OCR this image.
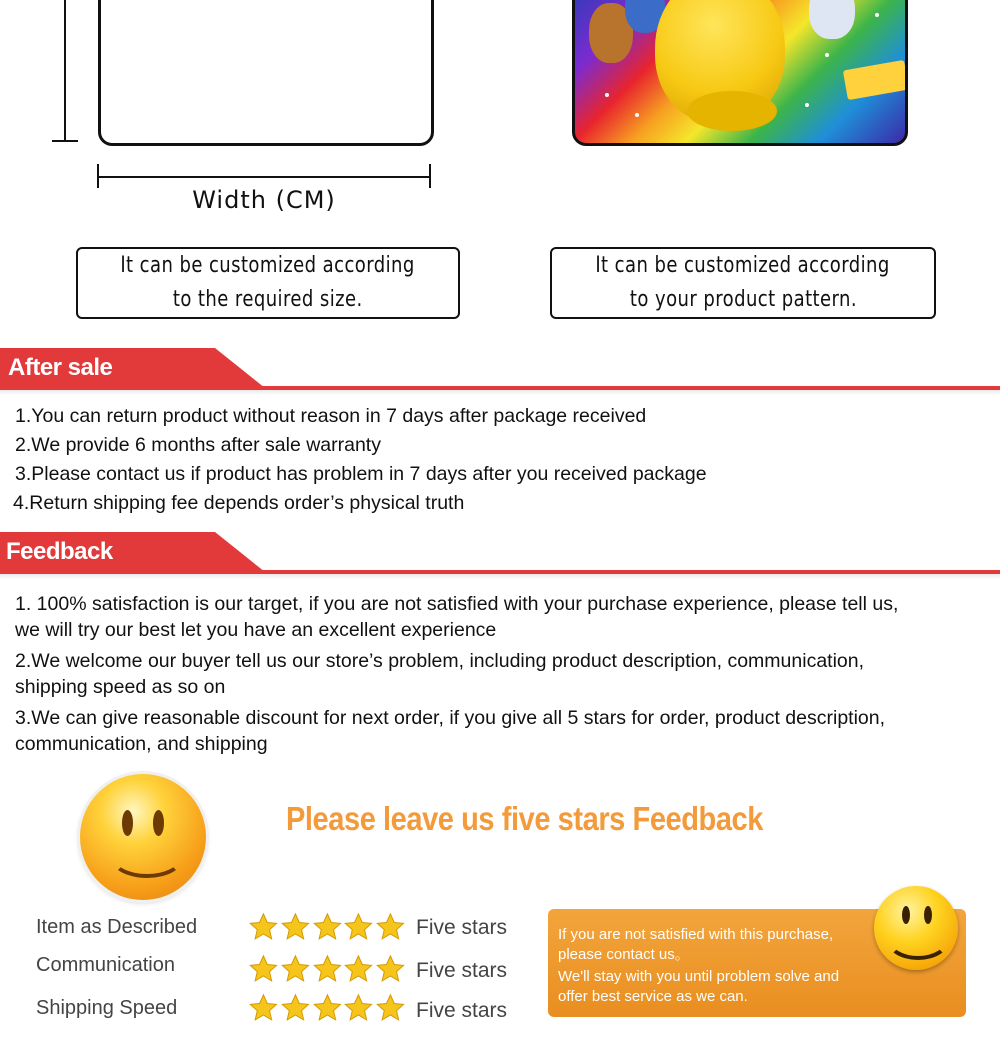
Width (CM)
It can be customized according
to the required size.
It can be customized according
to your product pattern.
After sale
1.You can return product without reason in 7 days after package received
2.We provide 6 months after sale warranty
3.Please contact us if product has problem in 7 days after you received package
4.Return shipping fee depends order’s physical truth
Feedback
1. 100% satisfaction is our target, if you are not satisfied with your purchase experience, please tell us,
we will try our best let you have an excellent experience
2.We welcome our buyer tell us our store’s problem, including product description, communication,
shipping speed as so on
3.We can give reasonable discount for next order, if you give all 5 stars for order, product description,
communication, and shipping
Please leave us five stars Feedback
Item as Described	Five stars
Communication	Five stars
Shipping Speed	Five stars
If you are not satisfied with this purchase,
please contact us。
We'll stay with you until problem solve and
offer best service as we can.
